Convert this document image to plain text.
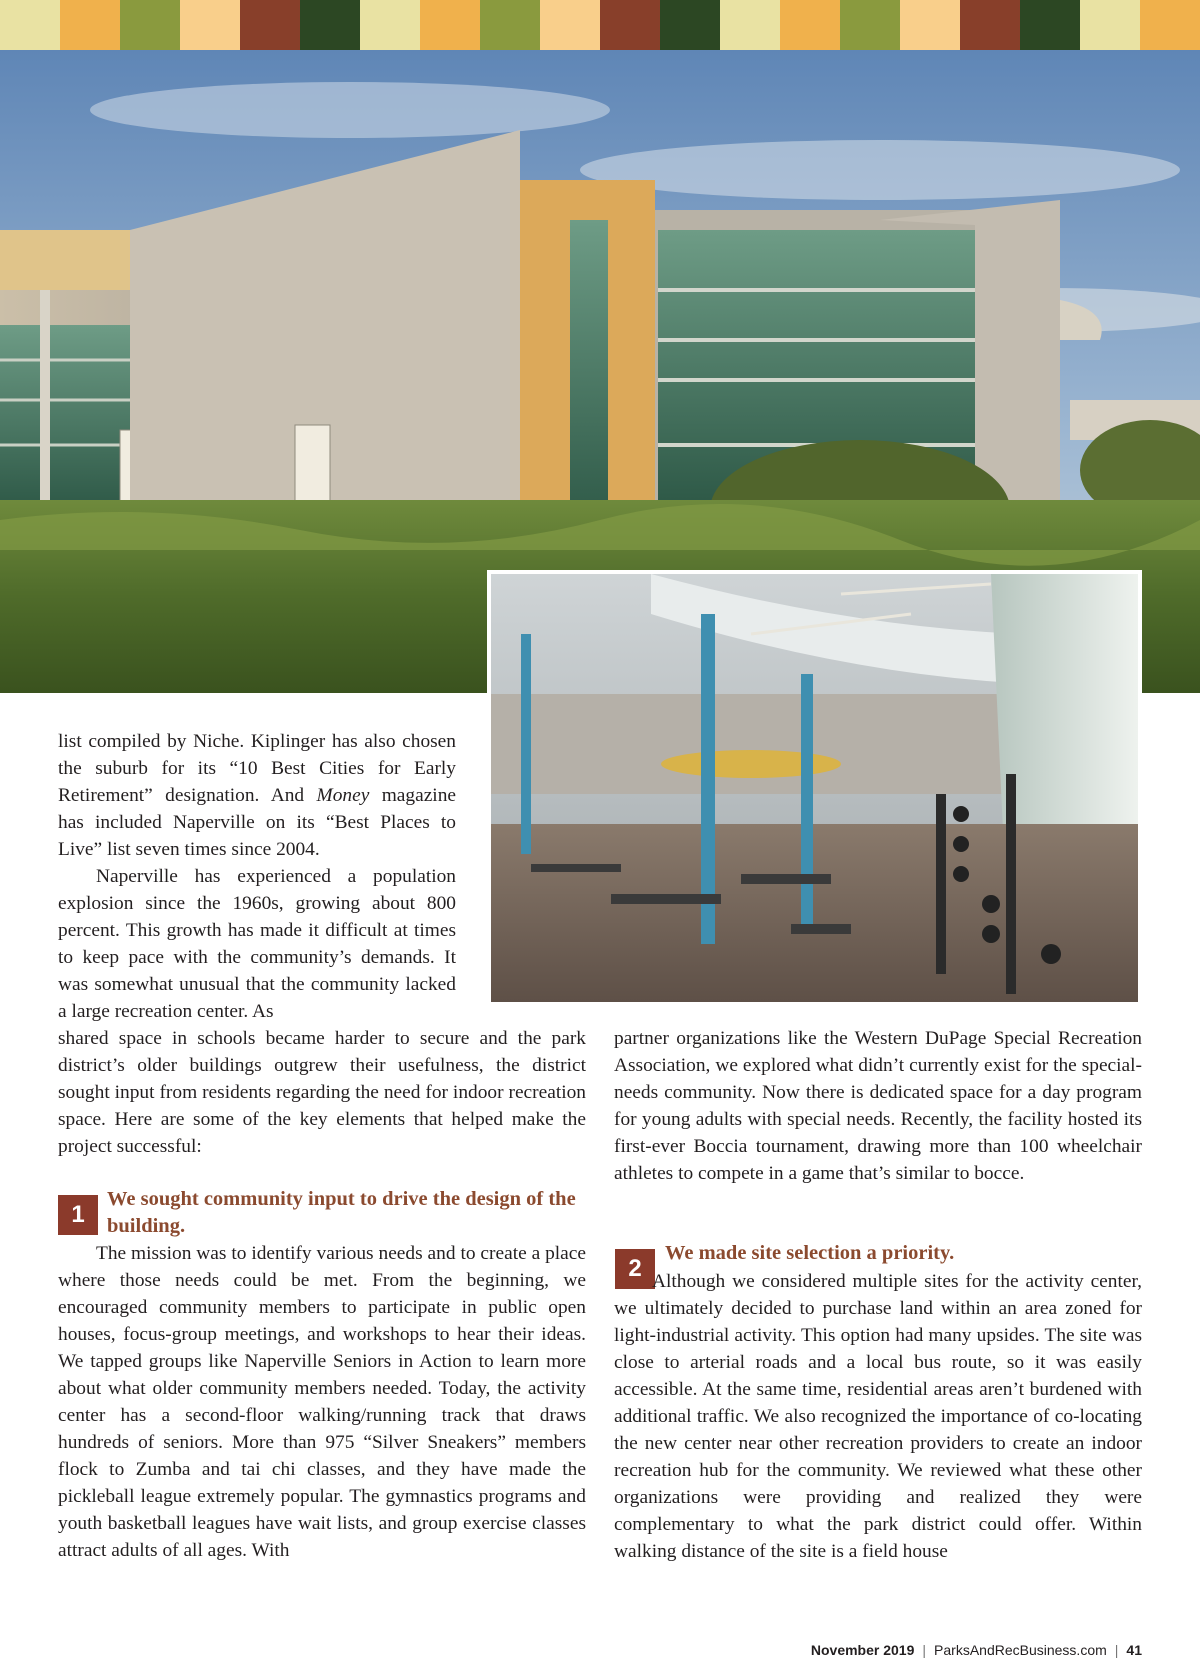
list compiled by Niche. Kiplinger has also chosen the suburb for its “10 Best Cities for Early Retirement” designation. And Money magazine has included Naperville on its “Best Places to Live” list seven times since 2004.

Naperville has experienced a population explosion since the 1960s, growing about 800 percent. This growth has made it difficult at times to keep pace with the community’s demands. It was somewhat unusual that the community lacked a large recreation center. As

shared space in schools became harder to secure and the park district’s older buildings outgrew their usefulness, the district sought input from residents regarding the need for indoor recreation space. Here are some of the key elements that helped make the project successful:

1
We sought community input to drive the design of the building.

The mission was to identify various needs and to create a place where those needs could be met. From the beginning, we encouraged community members to participate in public open houses, focus-group meetings, and workshops to hear their ideas. We tapped groups like Naperville Seniors in Action to learn more about what older community members needed. Today, the activity center has a second-floor walking/running track that draws hundreds of seniors. More than 975 “Silver Sneakers” members flock to Zumba and tai chi classes, and they have made the pickleball league extremely popular. The gymnastics programs and youth basketball leagues have wait lists, and group exercise classes attract adults of all ages. With

partner organizations like the Western DuPage Special Recreation Association, we explored what didn’t currently exist for the special-needs community. Now there is dedicated space for a day program for young adults with special needs. Recently, the facility hosted its first-ever Boccia tournament, drawing more than 100 wheelchair athletes to compete in a game that’s similar to bocce.

2
We made site selection a priority.

Although we considered multiple sites for the activity center, we ultimately decided to purchase land within an area zoned for light-industrial activity. This option had many upsides. The site was close to arterial roads and a local bus route, so it was easily accessible. At the same time, residential areas aren’t burdened with additional traffic. We also recognized the importance of co-locating the new center near other recreation providers to create an indoor recreation hub for the community. We reviewed what these other organizations were providing and realized they were complementary to what the park district could offer. Within walking distance of the site is a field house

November 2019 | ParksAndRecBusiness.com | 41
